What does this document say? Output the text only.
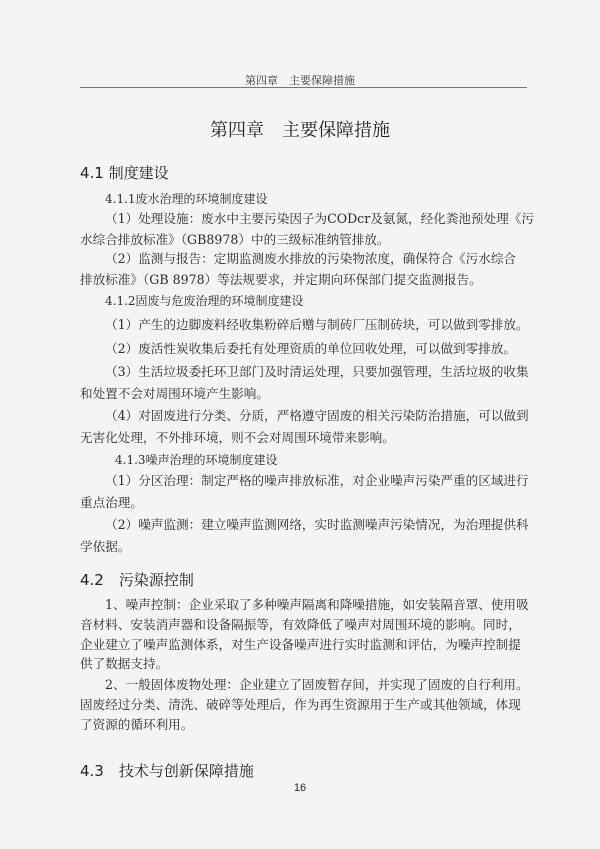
第四章　主要保障措施
第四章　主要保障措施
4.1 制度建设
4.1.1废水治理的环境制度建设
（1）处理设施：废水中主要污染因子为CODcr及氨氮，经化粪池预处理《污
水综合排放标准》（GB8978）中的三级标准纳管排放。
（2）监测与报告：定期监测废水排放的污染物浓度，确保符合《污水综合
排放标准》（GB 8978）等法规要求，并定期向环保部门提交监测报告。
4.1.2固废与危废治理的环境制度建设
（1）产生的边脚废料经收集粉碎后赠与制砖厂压制砖块，可以做到零排放。
（2）废活性炭收集后委托有处理资质的单位回收处理，可以做到零排放。
（3）生活垃圾委托环卫部门及时清运处理，只要加强管理，生活垃圾的收集
和处置不会对周围环境产生影响。
（4）对固废进行分类、分质，严格遵守固废的相关污染防治措施，可以做到
无害化处理，不外排环境，则不会对周围环境带来影响。
4.1.3噪声治理的环境制度建设
（1）分区治理：制定严格的噪声排放标准，对企业噪声污染严重的区域进行
重点治理。
（2）噪声监测：建立噪声监测网络，实时监测噪声污染情况，为治理提供科
学依据。
4.2　污染源控制
1、噪声控制：企业采取了多种噪声隔离和降噪措施，如安装隔音罩、使用吸
音材料、安装消声器和设备隔振等，有效降低了噪声对周围环境的影响。同时，
企业建立了噪声监测体系，对生产设备噪声进行实时监测和评估，为噪声控制提
供了数据支持。
2、一般固体废物处理：企业建立了固废暂存间，并实现了固废的自行利用。
固废经过分类、清洗、破碎等处理后，作为再生资源用于生产或其他领域，体现
了资源的循环利用。
4.3　技术与创新保障措施
16
